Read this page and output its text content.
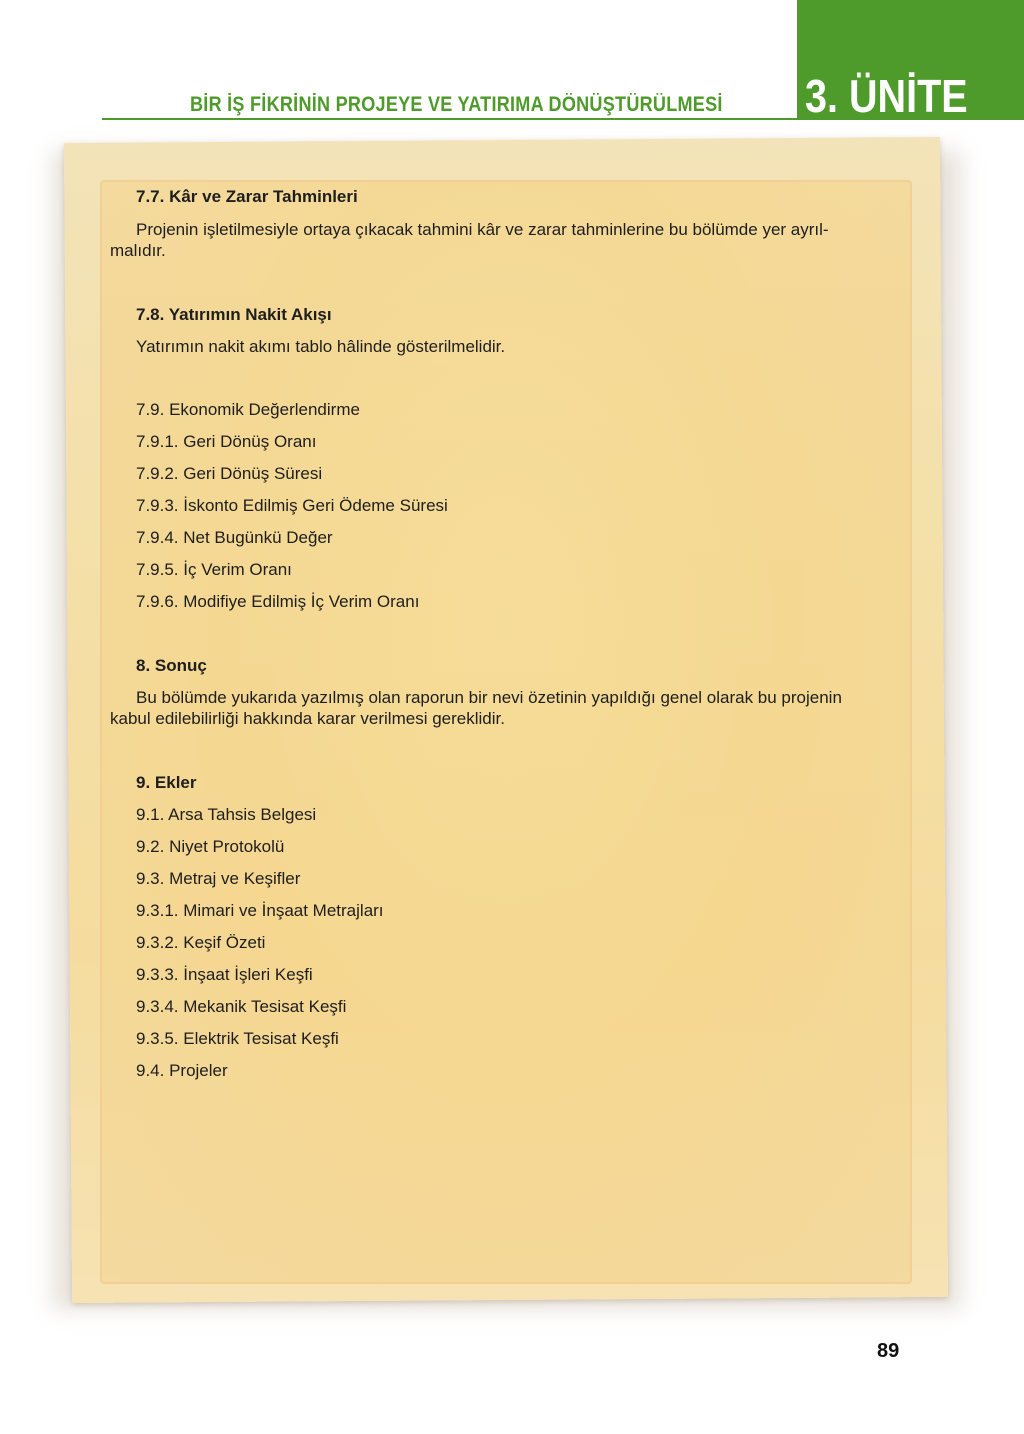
3. ÜNİTE
BİR İŞ FİKRİNİN PROJEYE VE YATIRIMA DÖNÜŞTÜRÜLMESİ
7.7. Kâr ve Zarar Tahminleri
Projenin işletilmesiyle ortaya çıkacak tahmini kâr ve zarar tahminlerine bu bölümde yer ayrıl-
malıdır.
7.8. Yatırımın Nakit Akışı
Yatırımın nakit akımı tablo hâlinde gösterilmelidir.
7.9. Ekonomik Değerlendirme
7.9.1. Geri Dönüş Oranı
7.9.2. Geri Dönüş Süresi
7.9.3. İskonto Edilmiş Geri Ödeme Süresi
7.9.4. Net Bugünkü Değer
7.9.5. İç Verim Oranı
7.9.6. Modifiye Edilmiş İç Verim Oranı
8. Sonuç
Bu bölümde yukarıda yazılmış olan raporun bir nevi özetinin yapıldığı genel olarak bu projenin
kabul edilebilirliği hakkında karar verilmesi gereklidir.
9. Ekler
9.1. Arsa Tahsis Belgesi
9.2. Niyet Protokolü
9.3. Metraj ve Keşifler
9.3.1. Mimari ve İnşaat Metrajları
9.3.2. Keşif Özeti
9.3.3. İnşaat İşleri Keşfi
9.3.4. Mekanik Tesisat Keşfi
9.3.5. Elektrik Tesisat Keşfi
9.4. Projeler
89
